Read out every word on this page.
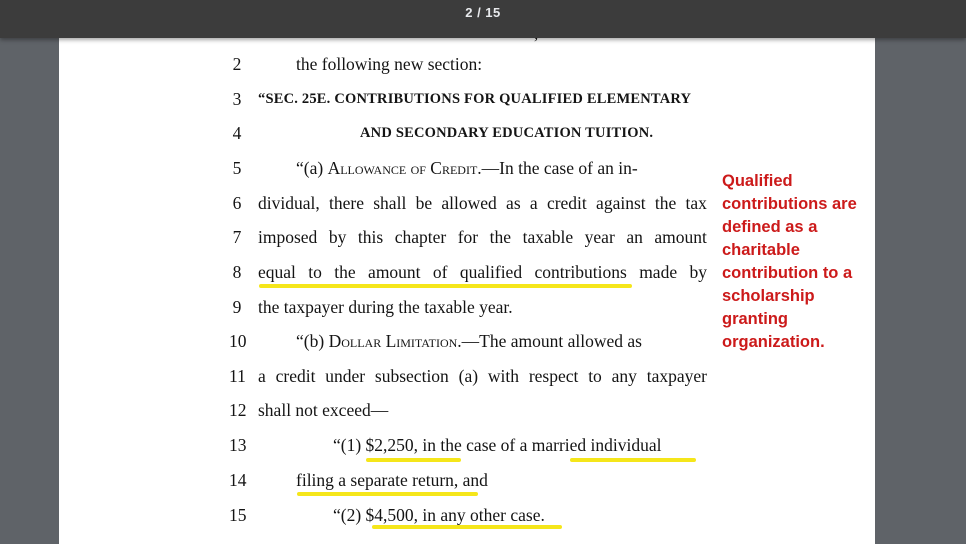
2 / 15
2	the following new section:
3 “SEC. 25E. CONTRIBUTIONS FOR QUALIFIED ELEMENTARY
4	AND SECONDARY EDUCATION TUITION.
5	“(a) Allowance of Credit.—In the case of an in-
6 dividual, there shall be allowed as a credit against the tax
7 imposed by this chapter for the taxable year an amount
8 equal to the amount of qualified contributions made by
9 the taxpayer during the taxable year.
10	“(b) Dollar Limitation.—The amount allowed as
11 a credit under subsection (a) with respect to any taxpayer
12 shall not exceed—
13	“(1) $2,250, in the case of a married individual
14	filing a separate return, and
15	“(2) $4,500, in any other case.
Qualified contributions are defined as a charitable contribution to a scholarship granting organization.
